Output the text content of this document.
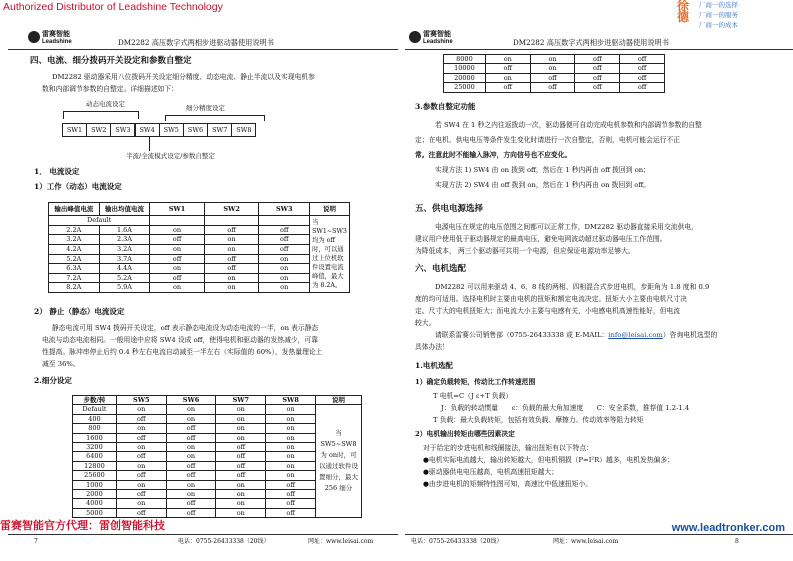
Authorized Distributor of Leadshine Technology	徐 德
厂商一的选择
厂商一的服务
厂商一的成本
雷赛智能
Leadshine	DM2282 高压数字式两相步进驱动器使用说明书
四、电流、细分拨码开关设定和参数自整定
DM2282 驱动器采用八位拨码开关设定细分精度、动态电流、静止半流以及实现电机参
数和内部调节参数的自整定。详细描述如下：
动态电流设定	细分精度设定
SW1	SW2	SW3	SW4	SW5	SW6	SW7	SW8
半流/全流模式设定/参数自整定
1． 电流设定
1）工作（动态）电流设定
输出峰值电流	输出均值电流	SW1	SW2	SW3	说明
Default					当 SW1~SW3 均为 off时，可以通过上位机软件设置电流峰值，最大为 8.2A。
2.2A	1.6A	on	off	off	
3.2A	2.3A	off	on	off	
4.2A	3.2A	on	on	off	
5.2A	3.7A	off	off	on	
6.3A	4.4A	on	off	on	
7.2A	5.2A	off	on	on	
8.2A	5.9A	on	on	on	
2） 静止（静态）电流设定
静态电流可用 SW4 拨码开关设定，off 表示静态电流设为动态电流的一半，on 表示静态
电流与动态电流相同。一般用途中应将 SW4 设成 off，使得电机和驱动器的发热减少，可靠
性提高。脉冲串停止后约 0.4 秒左右电流自动减至一半左右（实际值的 60%），发热量理论上
减至 36%。
2.细分设定
步数/转	SW5	SW6	SW7	SW8	说明
Default	on	on	on	on	当 SW5~SW8 为 on时，可以通过软件设置细分，最大 256 细分
400	off	on	on	on	
800	on	off	on	on	
1600	off	off	on	on	
3200	on	on	off	on	
6400	off	on	off	on	
12800	on	off	off	on	
25600	off	off	off	on	
1000	on	on	on	off	
2000	off	on	on	off	
4000	on	off	on	off	
5000	off	off	on	off	
7	电话：0755-26433338（20线）	网址：www.leisai.com
雷赛智能
Leadshine	DM2282 高压数字式两相步进驱动器使用说明书
8000	on	on	off	off
10000	off	on	off	off
20000	on	off	off	off
25000	off	off	off	off
3.参数自整定功能
若 SW4 在 1 秒之内往返拨动一次，驱动器便可自动完成电机参数和内部调节参数的自整
定；在电机、供电电压等条件发生变化时请进行一次自整定，否则，电机可能会运行不正
常。注意此时不能输入脉冲，方向信号也不应变化。
实现方法 1) SW4 由 on 拨到 off，然后在 1 秒内再由 off 拨回到 on；
实现方法 2) SW4 由 off 拨到 on，然后在 1 秒内再由 on 拨回到 off。
五、供电电源选择
电源电压在规定的电压范围之间都可以正常工作，DM2282 驱动器直接采用交流供电，
建议用户使用低于驱动器规定的最高电压，避免电网波动超过驱动器电压工作范围。
为降低成本， 两三个驱动器可共用一个电源，但应保证电源功率足够大。
六、电机选配
DM2282 可以用来驱动 4、6、8 线的两相、四相混合式步进电机，步距角为 1.8 度和 0.9
度的均可适用。选择电机时主要由电机的扭矩和额定电流决定。扭矩大小主要由电机尺寸决
定。尺寸大的电机扭矩大；而电流大小主要与电感有关，小电感电机高速性能好，但电流
较大。
请联系雷赛公司销售部（0755-26433338 或 E-MAIL：info@leisai.com）咨询电机选型的
具体办法！
1.电机选配
1）确定负载转矩，传动比工作转速范围
T 电机=C（J ε+T 负载）
J：负载的转动惯量　　ε：负载的最大角加速度　　C：安全系数，推荐值 1.2-1.4
T 负载：最大负载转矩，包括有效负载、摩擦力、传动效率等阻力转矩
2）电机输出转矩由哪些因素决定
对于给定的步进电机和线圈接法，输出扭矩有以下特点：
●电机实际电流越大，输出转矩越大，但电机铜损（P=I²R）越多，电机发热偏多；
●驱动器供电电压越高，电机高速扭矩越大；
●由步进电机的矩频特性图可知，高速比中低速扭矩小。
电话：0755-26433338（20线）	网址：www.leisai.com	8
雷赛智能官方代理：雷创智能科技	www.leadtronker.com
